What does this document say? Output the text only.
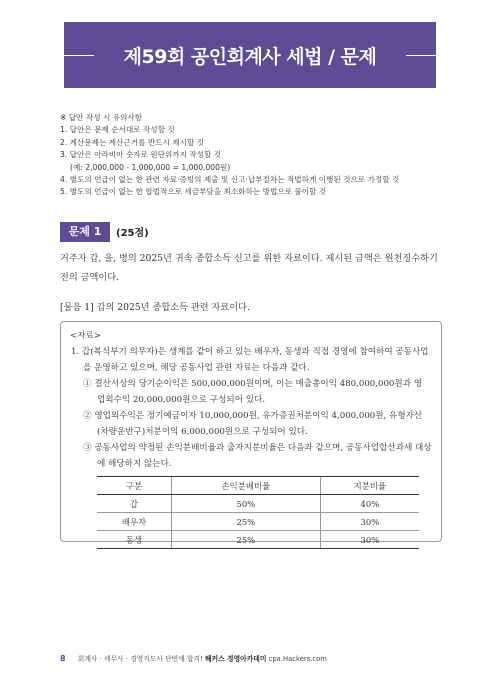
제59회 공인회계사 세법 / 문제
※ 답안 작성 시 유의사항
1. 답안은 문제 순서대로 작성할 것
2. 계산문제는 계산근거를 반드시 제시할 것
3. 답안은 아라비아 숫자로 원단위까지 작성할 것
(예: 2,000,000 - 1,000,000 = 1,000,000원)
4. 별도의 언급이 없는 한 관련 자료·증빙의 제출 및 신고·납부절차는 적법하게 이행된 것으로 가정할 것
5. 별도의 언급이 없는 한 합법적으로 세금부담을 최소화하는 방법으로 풀이할 것
문제 1	(25점)
거주자 갑, 을, 병의 2025년 귀속 종합소득 신고를 위한 자료이다. 제시된 금액은 원천징수하기 전의 금액이다.
[물음 1] 갑의 2025년 종합소득 관련 자료이다.
<자료>
1. 갑(복식부기 의무자)은 생계를 같이 하고 있는 배우자, 동생과 직접 경영에 참여하여 공동사업
을 운영하고 있으며, 해당 공동사업 관련 자료는 다음과 같다.
① 결산서상의 당기순이익은 500,000,000원이며, 이는 매출총이익 480,000,000원과 영
업외수익 20,000,000원으로 구성되어 있다.
② 영업외수익은 정기예금이자 10,000,000원, 유가증권처분이익 4,000,000원, 유형자산
(차량운반구)처분이익 6,000,000원으로 구성되어 있다.
③ 공동사업의 약정된 손익분배비율과 출자지분비율은 다음과 같으며, 공동사업합산과세 대상
에 해당하지 않는다.
구분	손익분배비율	지분비율
갑	50%	40%
배우자	25%	30%
동생	25%	30%
8 회계사 · 세무사 · 경영지도사 단번에 합격! 해커스 경영아카데미 cpa.Hackers.com
